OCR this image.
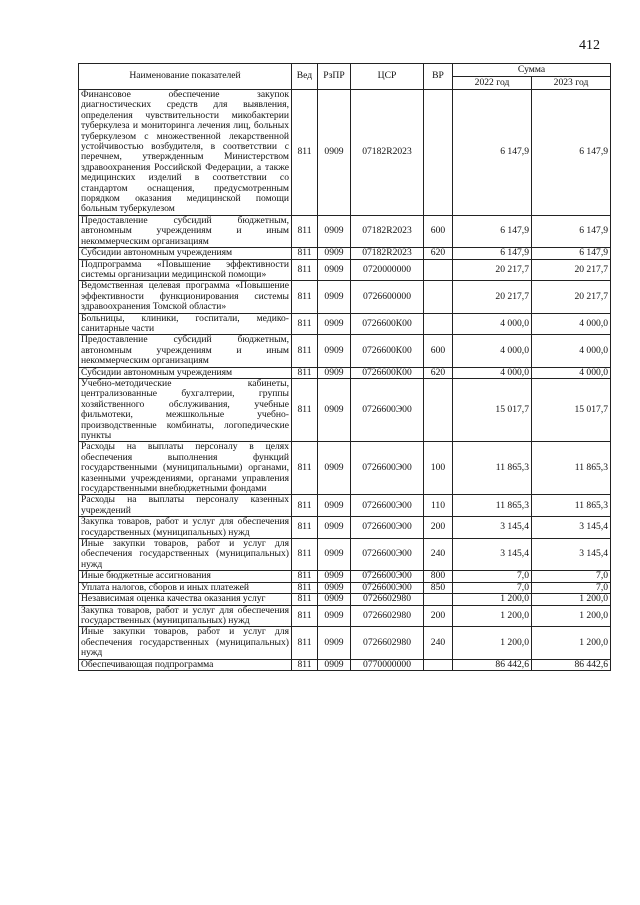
412
Наименование показателей	Вед	РзПР	ЦСР	ВР	Сумма	
					2022 год	2023 год
Финансовое обеспечение закупок диагностических средств для выявления, определения чувствительности микобактерии туберкулеза и мониторинга лечения лиц, больных туберкулезом с множественной лекарственной устойчивостью возбудителя, в соответствии с перечнем, утвержденным Министерством здравоохранения Российской Федерации, а также медицинских изделий в соответствии со стандартом оснащения, предусмотренным порядком оказания медицинской помощи больным туберкулезом	811	0909	07182R2023		6 147,9	6 147,9
Предоставление субсидий бюджетным, автономным учреждениям и иным некоммерческим организациям	811	0909	07182R2023	600	6 147,9	6 147,9
Субсидии автономным учреждениям	811	0909	07182R2023	620	6 147,9	6 147,9
Подпрограмма «Повышение эффективности системы организации медицинской помощи»	811	0909	0720000000		20 217,7	20 217,7
Ведомственная целевая программа «Повышение эффективности функционирования системы здравоохранения Томской области»	811	0909	0726600000		20 217,7	20 217,7
Больницы, клиники, госпитали, медико-санитарные части	811	0909	0726600К00		4 000,0	4 000,0
Предоставление субсидий бюджетным, автономным учреждениям и иным некоммерческим организациям	811	0909	0726600К00	600	4 000,0	4 000,0
Субсидии автономным учреждениям	811	0909	0726600К00	620	4 000,0	4 000,0
Учебно-методические кабинеты, централизованные бухгалтерии, группы хозяйственного обслуживания, учебные фильмотеки, межшкольные учебно-производственные комбинаты, логопедические пункты	811	0909	0726600Э00		15 017,7	15 017,7
Расходы на выплаты персоналу в целях обеспечения выполнения функций государственными (муниципальными) органами, казенными учреждениями, органами управления государственными внебюджетными фондами	811	0909	0726600Э00	100	11 865,3	11 865,3
Расходы на выплаты персоналу казенных учреждений	811	0909	0726600Э00	110	11 865,3	11 865,3
Закупка товаров, работ и услуг для обеспечения государственных (муниципальных) нужд	811	0909	0726600Э00	200	3 145,4	3 145,4
Иные закупки товаров, работ и услуг для обеспечения государственных (муниципальных) нужд	811	0909	0726600Э00	240	3 145,4	3 145,4
Иные бюджетные ассигнования	811	0909	0726600Э00	800	7,0	7,0
Уплата налогов, сборов и иных платежей	811	0909	0726600Э00	850	7,0	7,0
Независимая оценка качества оказания услуг	811	0909	0726602980		1 200,0	1 200,0
Закупка товаров, работ и услуг для обеспечения государственных (муниципальных) нужд	811	0909	0726602980	200	1 200,0	1 200,0
Иные закупки товаров, работ и услуг для обеспечения государственных (муниципальных) нужд	811	0909	0726602980	240	1 200,0	1 200,0
Обеспечивающая подпрограмма	811	0909	0770000000		86 442,6	86 442,6
